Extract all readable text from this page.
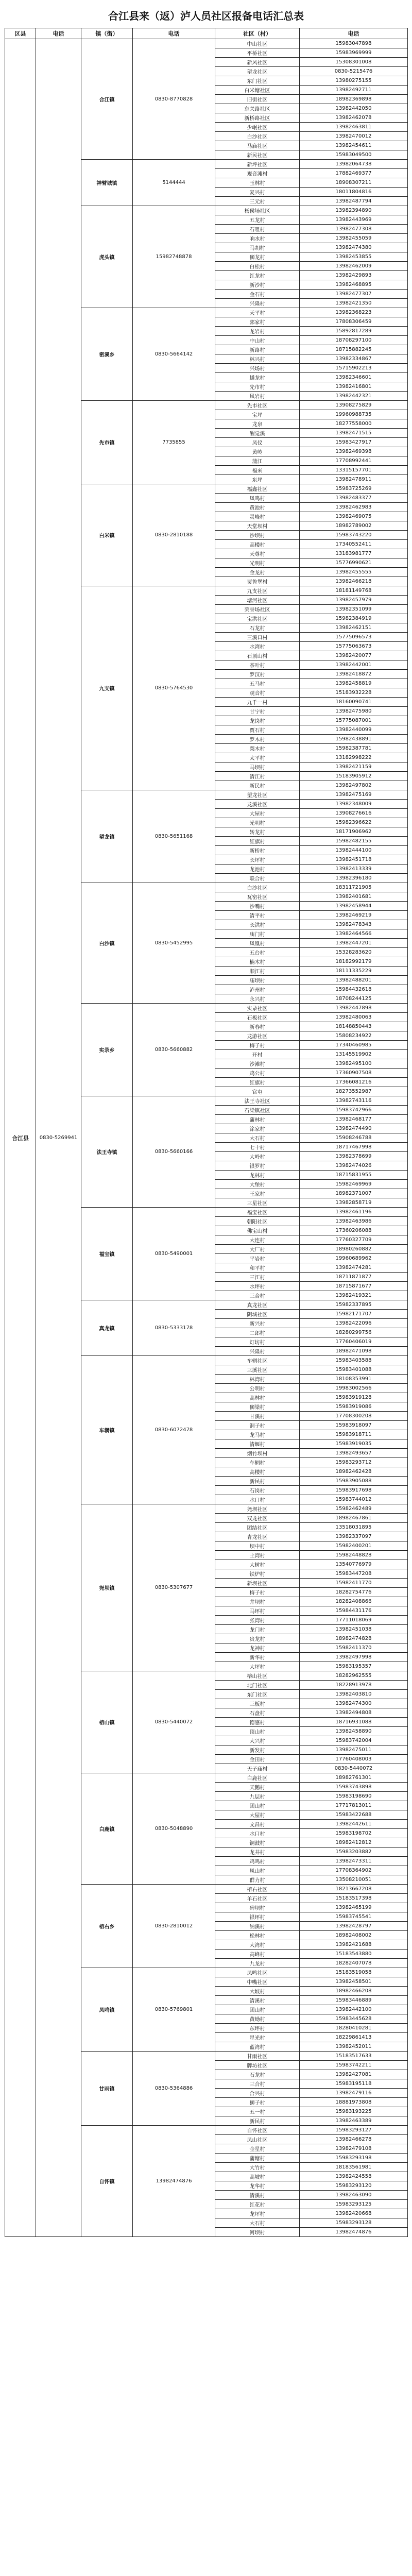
合江县来（返）泸人员社区报备电话汇总表
区县	电话	镇（街）	电话	社区（村）	电话
合江县	0830-5269941	合江镇	0830-8770828	中山社区	15983047898
				平桥社区	15983969999
				新风社区	15308301008
				望龙社区	0830-5215476
				东门社区	13980275155
				白米塘社区	13982492711
				旧街社区	18982369898
				东关路社区	13982442050
				新桥路社区	13982462078
				少岷社区	13982463811
				白沙社区	13982470012
				马庙社区	13982454611
				新民社区	15983049500
		神臂城镇	5144444	新坪社区	13982064738
				观音滩村	17882469377
				玉林村	18908307211
				复兴村	18011804816
				三元村	13982487794
		虎头镇	15982748878	杨侯场社区	13982394890
				五龙村	13982443969
				石咀村	13982477308
				响水村	13982455059
				马胡村	13982474380
				狮龙村	13982453855
				白松村	13982462009
				红龙村	13982429893
				新沙村	13982468895
				金石村	13982477307
				兴隆村	13982421350
		密溪乡	0830-5664142	天平村	13982368223
				郭家村	17808306459
				龙岩村	15892817289
				中山村	18708297100
				新路村	18715882245
				林兴村	13982334867
				兴场村	15715902213
				蟠龙村	13982346601
				先市村	13982416801
				风岩村	13982442321
		先市镇	7735855	先市社区	13908275829
				宝坪	19960988735
				龙泉	18277558000
				醒觉溪	13982471515
				凤仪	15983427917
				黄岭	13982469398
				蒲江	17708992441
				福来	13315157701
				东坪	13982478911
		白米镇	0830-2810188	福鑫社区	15983725269
				凤鸣村	13982483377
				黄池村	13982462983
				灵峰村	13982469075
				天堂坝村	18982789002
				沙坝村	15983743220
				高楼村	17340552411
				天尊村	13183981777
				光明村	15776990621
				金龙村	13982455555
				贾鲁堡村	13982466218
		九支镇	0830-5764530	九支社区	18181149768
				塘河社区	13982457979
				荣誉场社区	13982351099
				宝洪社区	15982384919
				石龙村	13982462151
				三溪口村	15775096573
				水湾村	15775063673
				石顶山村	13982420077
				茶叶村	13982442001
				罗汉村	13982418872
				五马村	13982458819
				观音村	15183932228
				九千一村	18160090741
				甘宁村	13982475980
				龙岗村	15775087001
				贾石村	13982440099
				罗木村	15982438891
				梨木村	15982387781
				太平村	13182998222
				马坝村	13982421159
				清江村	15183905912
				新民村	13982497802
		望龙镇	0830-5651168	望龙社区	13982475169
				龙溪社区	13982348009
				大屋村	13908276616
				光明村	15982396622
				转龙村	18171906962
				红旗村	15982482155
				新桥村	13982444100
				长坪村	13982451718
				龙池村	13982413339
				联合村	13982396180
		白沙镇	0830-5452995	白沙社区	18311721905
				瓦窑社区	13982401681
				沙嘴村	13982458944
				清平村	13982469219
				长洪村	13982478343
				庙门村	13982464566
				凤凰村	13982447201
				五台村	15328283620
				楠木村	18182992179
				顺江村	18111335229
				庙坝村	13982488201
				泸州村	15984432618
				永兴村	18708244125
		实录乡	0830-5660882	实录社区	13982447898
				石板社区	13982480063
				新春村	18148850443
				龙游社区	15808234922
				梅子村	17340460985
				开村	13145519902
				沙滩村	13982495100
				鸡公村	17360907508
				红旗村	17366081216
				官屯	18273552987
		法王寺镇	0830-5660166	法王寺社区	13982743116
				石梁镇社区	15983742966
				蒲林村	13982468177
				涂家村	13982474490
				大石村	15908246788
				七十村	18717467998
				大岭村	13982378699
				银罗村	13982474026
				龙林村	18715831955
				大堡村	15982469969
				王家村	18982371007
				三星社区	13982858719
		福宝镇	0830-5490001	福宝社区	13982461196
				朝阳社区	13982463986
				佛宝山村	17360206088
				大连村	17760327709
				大厂村	18980260882
				平岩村	19960689962
				和平村	13982474281
				三江村	18711871877
				水坪村	18715871677
				三合村	13982419321
		真龙镇	0830-5333178	真龙社区	15982337895
				阴城社区	15982171707
				新兴村	13982422096
				二郎村	18280299756
				灯坊村	17760406019
				兴隆村	18982471098
		车辋镇	0830-6072478	车辋社区	15983403588
				三溪社区	15983401088
				林湾村	18108353991
				公明村	19983002566
				高林村	15983919128
				狮梁村	15983919086
				甘溪村	17708300208
				洞子村	15983918097
				龙马村	15983918711
				清堰村	15983919035
				烟竹坝村	13982493657
				车辋村	15983293712
				高楼村	18982462428
				新民村	15983905088
				石岗村	15983917698
				水口村	15983744012
		尧坝镇	0830-5307677	尧坝社区	15982462489
				双龙社区	18982467861
				团结社区	13518031895
				青龙社区	13982337097
				坝中村	15982400201
				土湾村	15982448828
				大树村	13540776979
				铁炉村	15983447208
				新坝社区	15982411770
				梅子村	18282754776
				井坝村	18282408866
				马坪村	15984431176
				张湾村	17711018069
				龙门村	13982451038
				贵龙村	18982474828
				龙神村	15982411370
				新华村	13982497998
				大坪村	15983195357
		榕山镇	0830-5440072	榕山社区	18282962555
				北门社区	18228913978
				东门社区	13982403810
				三板村	13982474300
				石盘村	13982494808
				德感村	18716931088
				顶山村	13982458890
				大兴村	15983742004
				新发村	13982475011
				金田村	17760408003
				天子庙村	0830-5440072
		白鹿镇	0830-5048890	白鹿社区	18982761301
				天鹅村	15983743898
				九层村	15983198690
				团山村	17717813011
				大屋村	15983422688
				文昌村	13982442611
				水口村	15983198702
				铜鼓村	18982412812
				龙井村	15983203882
				鸡鸣村	13982473311
				凤山村	17708364902
				群力村	13508210051
		榕右乡	0830-2810012	榕右社区	18213667208
				羊石社区	15183517398
				碑坝村	13982465199
				银坪村	15983745541
				纳溪村	13982428797
				松林村	18982408002
				大湾村	13982421688
				高峰村	15183543880
				九龙村	18282407078
		凤鸣镇	0830-5769801	凤鸣社区	15183519058
				中嘴社区	13982458501
				大坡村	18982466208
				清溪村	15983446889
				团山村	13982442100
				黄坳村	15983445628
				东坪村	18280410281
				星光村	18229861413
				蓝湾村	13982452011
		甘雨镇	0830-5364886	甘雨社区	15183517633
				牌坊社区	15983742211
				石龙村	13982427081
				三合村	15983195118
				合兴村	13982479116
				狮子村	18881973808
				五一村	15983193225
				新民村	13982463389
		自怀镇	13982474876	自怀社区	15983293127
				凤山社区	13982466278
				金星村	13982479108
				蒲塘村	15983293198
				大竹村	18183561981
				高坡村	13982424558
				龙华村	15983293120
				清溪村	13982463090
				红花村	15983293125
				龙坪村	13982420668
				大石村	15983293128
				河坝村	13982474876
